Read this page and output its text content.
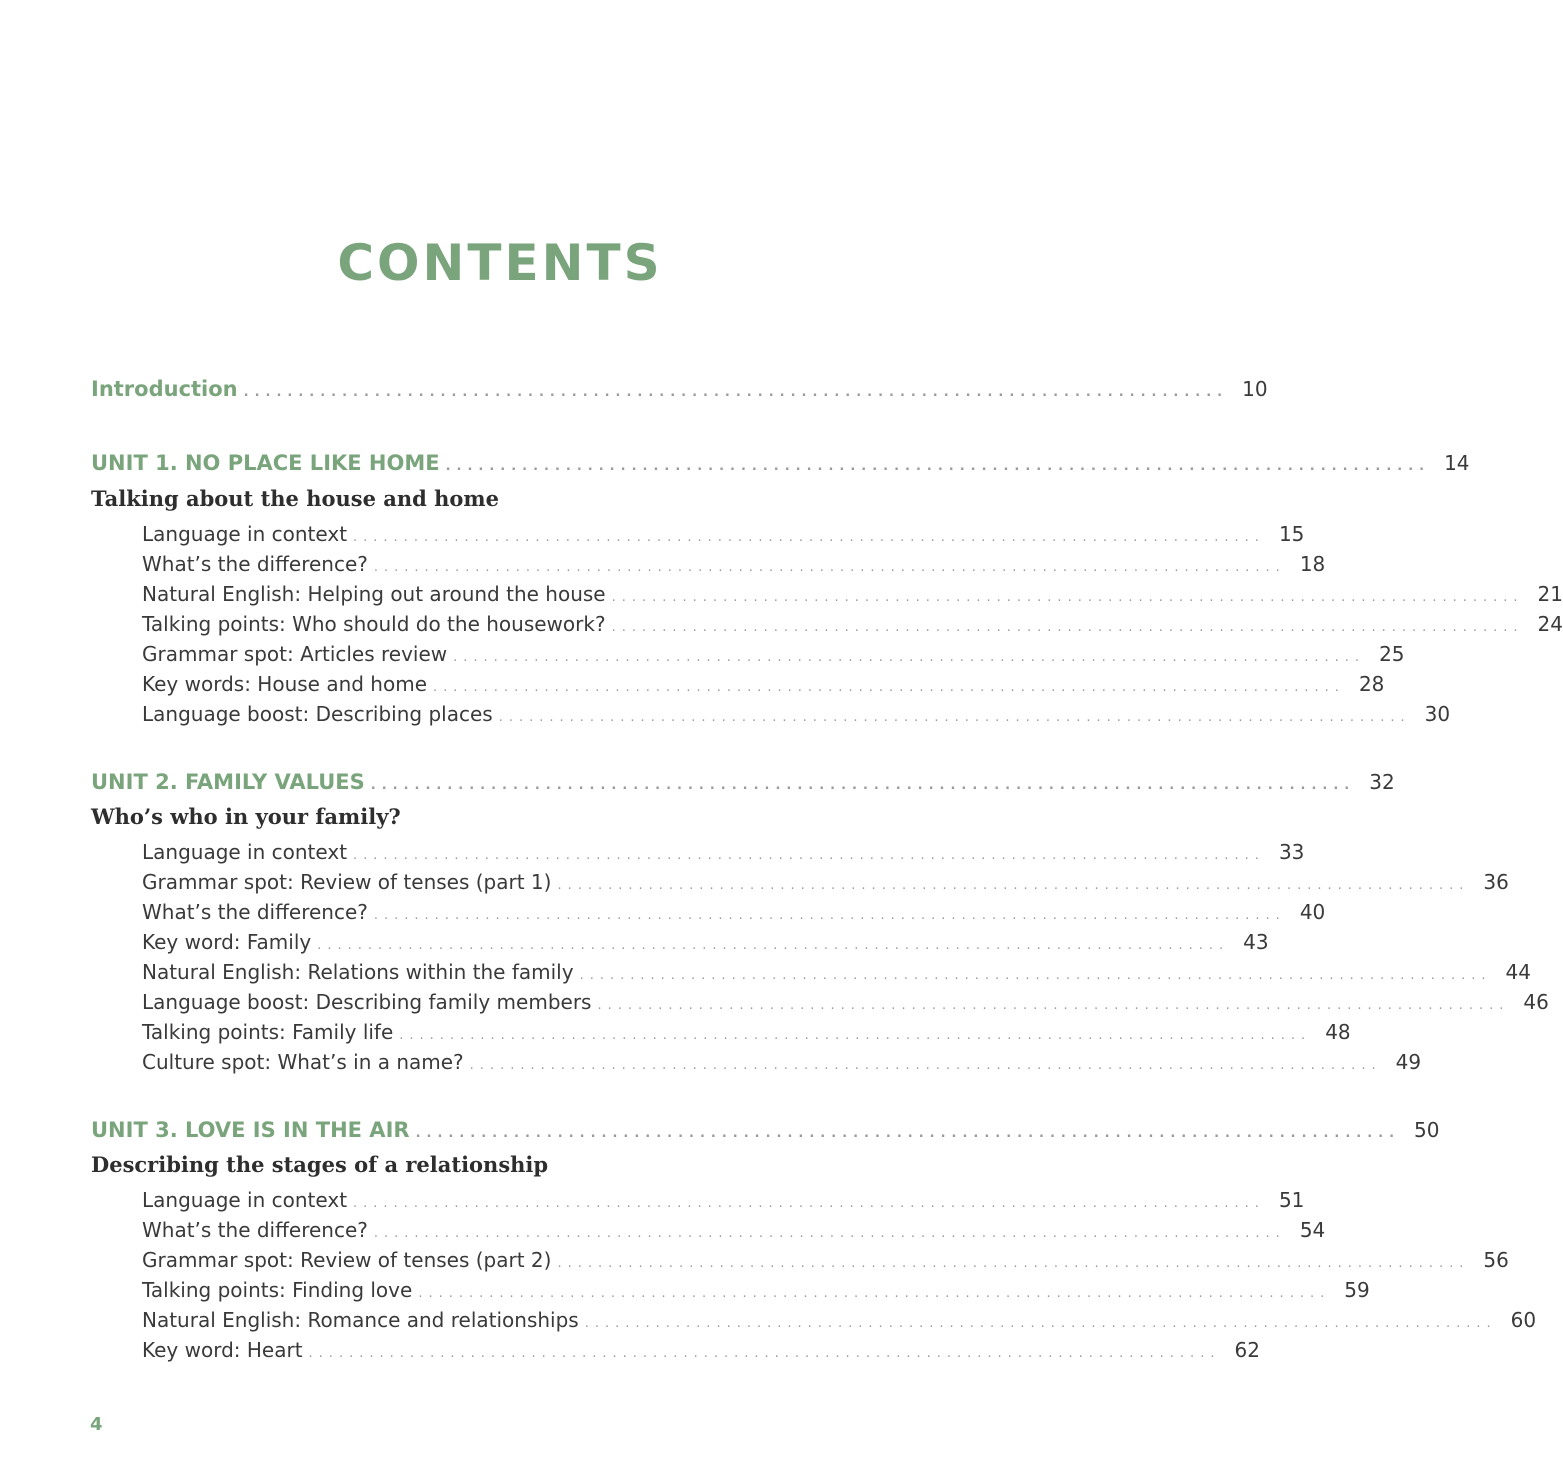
CONTENTS
Introduction .......................................................................................... 10
UNIT 1. NO PLACE LIKE HOME .......................................................................................... 14
Talking about the house and home
Language in context .......................................................................................... 15
What’s the difference? .......................................................................................... 18
Natural English: Helping out around the house .......................................................................................... 21
Talking points: Who should do the housework? .......................................................................................... 24
Grammar spot: Articles review .......................................................................................... 25
Key words: House and home .......................................................................................... 28
Language boost: Describing places .......................................................................................... 30
UNIT 2. FAMILY VALUES .......................................................................................... 32
Who’s who in your family?
Language in context .......................................................................................... 33
Grammar spot: Review of tenses (part 1) .......................................................................................... 36
What’s the difference? .......................................................................................... 40
Key word: Family .......................................................................................... 43
Natural English: Relations within the family .......................................................................................... 44
Language boost: Describing family members .......................................................................................... 46
Talking points: Family life .......................................................................................... 48
Culture spot: What’s in a name? .......................................................................................... 49
UNIT 3. LOVE IS IN THE AIR .......................................................................................... 50
Describing the stages of a relationship
Language in context .......................................................................................... 51
What’s the difference? .......................................................................................... 54
Grammar spot: Review of tenses (part 2) .......................................................................................... 56
Talking points: Finding love .......................................................................................... 59
Natural English: Romance and relationships .......................................................................................... 60
Key word: Heart .......................................................................................... 62
4
